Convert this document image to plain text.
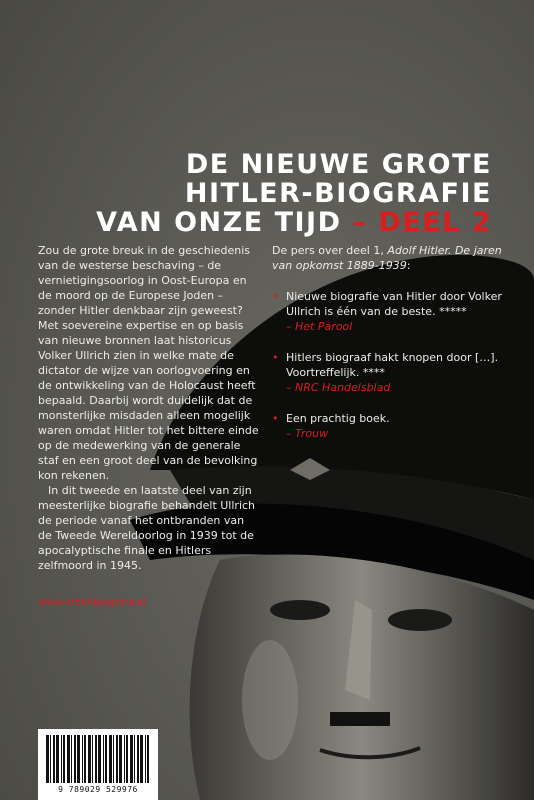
DE NIEUWE GROTE
HITLER-BIOGRAFIE
VAN ONZE TIJD – DEEL 2

Zou de grote breuk in de geschiedenis van de westerse beschaving – de vernietigingsoorlog in Oost-Europa en de moord op de Europese Joden – zonder Hitler denkbaar zijn geweest? Met soevereine expertise en op basis van nieuwe bronnen laat historicus Volker Ullrich zien in welke mate de dictator de wijze van oorlogvoering en de ontwikkeling van de Holocaust heeft bepaald. Daarbij wordt duidelijk dat de monsterlijke misdaden alleen mogelijk waren omdat Hitler tot het bittere einde op de medewerking van de generale staf en een groot deel van de bevolking kon rekenen.

In dit tweede en laatste deel van zijn meesterlijke biografie behandelt Ullrich de periode vanaf het ontbranden van de Tweede Wereldoorlog in 1939 tot de apocalyptische finale en Hitlers zelfmoord in 1945.

www.arbeiderspers.nl

De pers over deel 1, Adolf Hitler. De jaren van opkomst 1889-1939:

• Nieuwe biografie van Hitler door Volker Ullrich is één van de beste. *****
– Het Parool
• Hitlers biograaf hakt knopen door […]. Voortreffelijk. ****
– NRC Handelsblad
• Een prachtig boek.
– Trouw
9 789029 529976
